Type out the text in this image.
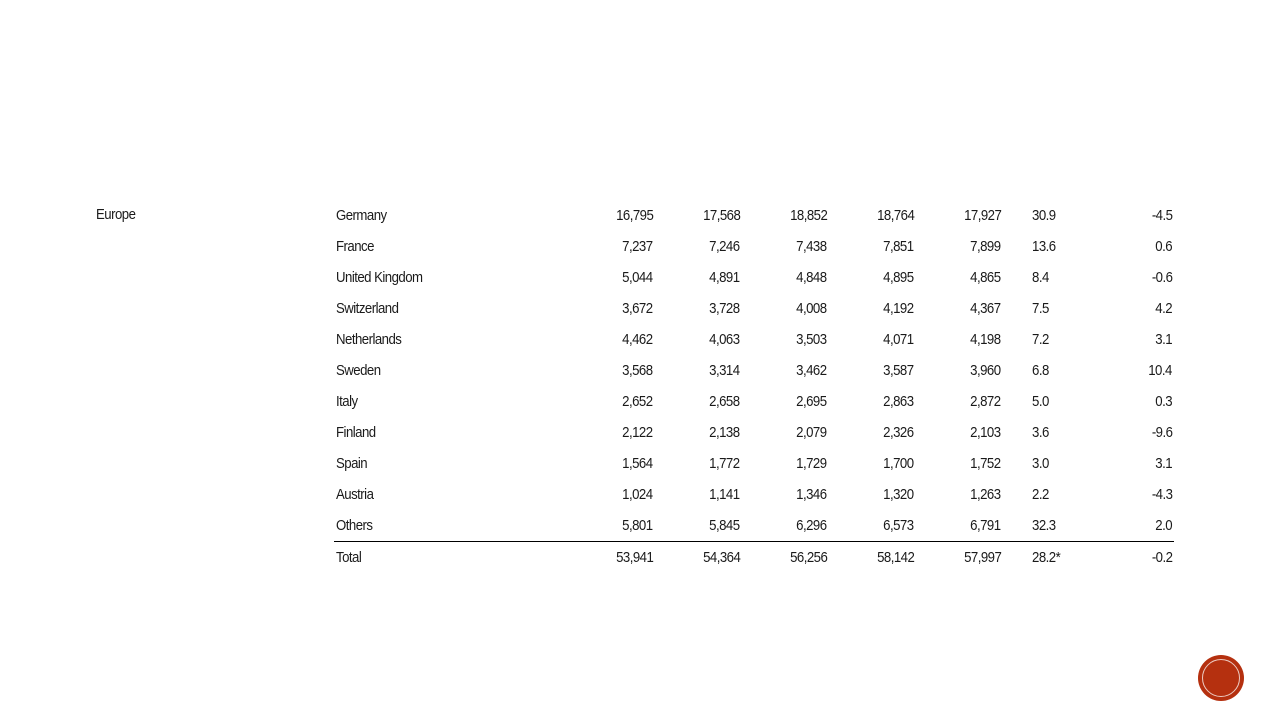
Europe	Germany	16,795	17,568	18,852	18,764	17,927	30.9	-4.5
France	7,237	7,246	7,438	7,851	7,899	13.6	0.6
United Kingdom	5,044	4,891	4,848	4,895	4,865	8.4	-0.6
Switzerland	3,672	3,728	4,008	4,192	4,367	7.5	4.2
Netherlands	4,462	4,063	3,503	4,071	4,198	7.2	3.1
Sweden	3,568	3,314	3,462	3,587	3,960	6.8	10.4
Italy	2,652	2,658	2,695	2,863	2,872	5.0	0.3
Finland	2,122	2,138	2,079	2,326	2,103	3.6	-9.6
Spain	1,564	1,772	1,729	1,700	1,752	3.0	3.1
Austria	1,024	1,141	1,346	1,320	1,263	2.2	-4.3
Others	5,801	5,845	6,296	6,573	6,791	32.3	2.0
Total	53,941	54,364	56,256	58,142	57,997	28.2*	-0.2
